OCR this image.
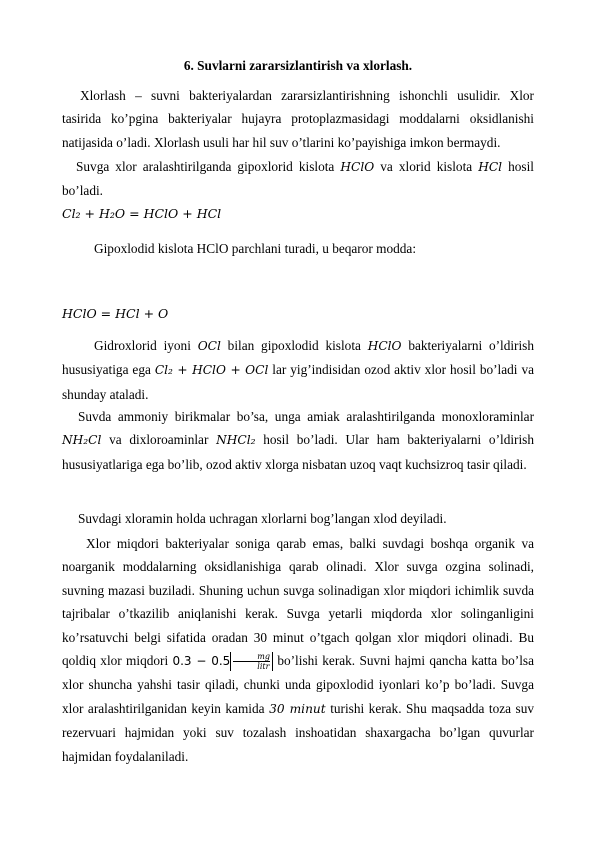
6. Suvlarni zararsizlantirish va xlorlash.

Xlorlash – suvni bakteriyalardan zararsizlantirishning ishonchli usulidir. Xlor tasirida ko’pgina bakteriyalar hujayra protoplazmasidagi moddalarni oksidlanishi natijasida o’ladi. Xlorlash usuli har hil suv o’tlarini ko’payishiga imkon bermaydi.

Suvga xlor aralashtirilganda gipoxlorid kislota HClO va xlorid kislota HCl hosil bo’ladi.

Cl₂ + H₂O = HClO + HCl

Gipoxlodid kislota HClO parchlani turadi, u beqaror modda:

HClO = HCl + O

Gidroxlorid iyoni OCl bilan gipoxlodid kislota HClO bakteriyalarni o’ldirish hususiyatiga ega Cl₂ + HClO + OCl lar yig’indisidan ozod aktiv xlor hosil bo’ladi va shunday ataladi.

Suvda ammoniy birikmalar bo’sa, unga amiak aralashtirilganda monoxloraminlar NH₂Cl va dixloroaminlar NHCl₂ hosil bo’ladi. Ular ham bakteriyalarni o’ldirish hususiyatlariga ega bo’lib, ozod aktiv xlorga nisbatan uzoq vaqt kuchsizroq tasir qiladi.

Suvdagi xloramin holda uchragan xlorlarni bog’langan xlod deyiladi.

Xlor miqdori bakteriyalar soniga qarab emas, balki suvdagi boshqa organik va noarganik moddalarning oksidlanishiga qarab olinadi. Xlor suvga ozgina solinadi, suvning mazasi buziladi. Shuning uchun suvga solinadigan xlor miqdori ichimlik suvda tajribalar o’tkazilib aniqlanishi kerak. Suvga yetarli miqdorda xlor solinganligini ko’rsatuvchi belgi sifatida oradan 30 minut o’tgach qolgan xlor miqdori olinadi. Bu qoldiq xlor miqdori $0.3 - 0.5 \frac{mg}{\text{litr}}$ bo’lishi kerak. Suvni hajmi qancha katta bo’lsa xlor shuncha yahshi tasir qiladi, chunki unda gipoxlodid iyonlari ko’p bo’ladi. Suvga xlor aralashtirilganidan keyin kamida 30 minut turishi kerak. Shu maqsadda toza suv rezervuari hajmidan yoki suv tozalash inshoatidan shaxargacha bo’lgan quvurlar hajmidan foydalaniladi.
